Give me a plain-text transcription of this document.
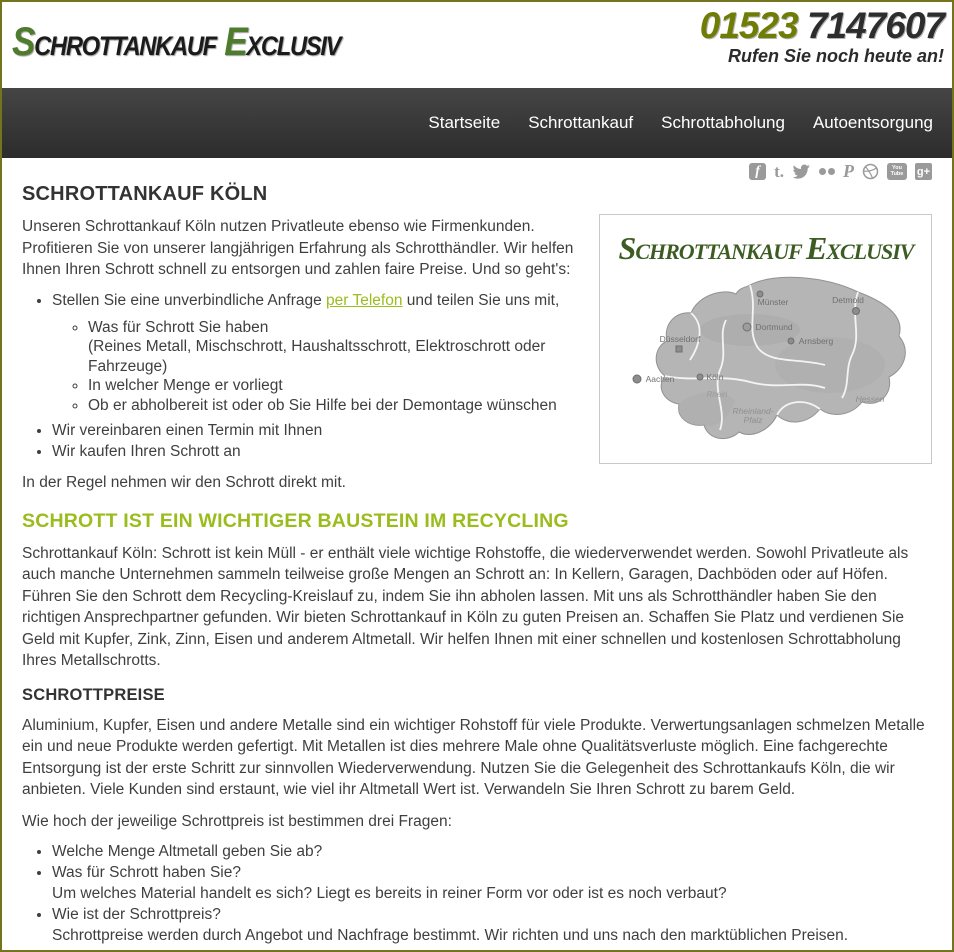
SCHROTTANKAUF EXCLUSIV	01523 7147607
Rufen Sie noch heute an!
Startseite Schrottankauf Schrottabholung Autoentsorgung
f t.	P	You
Tube g+
SCHROTTANKAUF KÖLN
SCHROTTANKAUF EXCLUSIV
Münster	Detmold
Dortmund
Arnsberg
Düsseldorf
Aachen	Köln
Rhein
Rheinland-
Pfalz
Hessen

Unseren Schrottankauf Köln nutzen Privatleute ebenso wie Firmenkunden. Profitieren Sie von unserer langjährigen Erfahrung als Schrotthändler. Wir helfen Ihnen Ihren Schrott schnell zu entsorgen und zahlen faire Preise. Und so geht's:

• Stellen Sie eine unverbindliche Anfrage per Telefon und teilen Sie uns mit,
◦ Was für Schrott Sie haben
(Reines Metall, Mischschrott, Haushaltsschrott, Elektroschrott oder Fahrzeuge)
◦ In welcher Menge er vorliegt
◦ Ob er abholbereit ist oder ob Sie Hilfe bei der Demontage wünschen
• Wir vereinbaren einen Termin mit Ihnen
• Wir kaufen Ihren Schrott an

In der Regel nehmen wir den Schrott direkt mit.

SCHROTT IST EIN WICHTIGER BAUSTEIN IM RECYCLING

Schrottankauf Köln: Schrott ist kein Müll - er enthält viele wichtige Rohstoffe, die wiederverwendet werden. Sowohl Privatleute als auch manche Unternehmen sammeln teilweise große Mengen an Schrott an: In Kellern, Garagen, Dachböden oder auf Höfen. Führen Sie den Schrott dem Recycling-Kreislauf zu, indem Sie ihn abholen lassen. Mit uns als Schrotthändler haben Sie den richtigen Ansprechpartner gefunden. Wir bieten Schrottankauf in Köln zu guten Preisen an. Schaffen Sie Platz und verdienen Sie Geld mit Kupfer, Zink, Zinn, Eisen und anderem Altmetall. Wir helfen Ihnen mit einer schnellen und kostenlosen Schrottabholung Ihres Metallschrotts.

SCHROTTPREISE

Aluminium, Kupfer, Eisen und andere Metalle sind ein wichtiger Rohstoff für viele Produkte. Verwertungsanlagen schmelzen Metalle ein und neue Produkte werden gefertigt. Mit Metallen ist dies mehrere Male ohne Qualitätsverluste möglich. Eine fachgerechte Entsorgung ist der erste Schritt zur sinnvollen Wiederverwendung. Nutzen Sie die Gelegenheit des Schrottankaufs Köln, die wir anbieten. Viele Kunden sind erstaunt, wie viel ihr Altmetall Wert ist. Verwandeln Sie Ihren Schrott zu barem Geld.

Wie hoch der jeweilige Schrottpreis ist bestimmen drei Fragen:

• Welche Menge Altmetall geben Sie ab?
• Was für Schrott haben Sie?
Um welches Material handelt es sich? Liegt es bereits in reiner Form vor oder ist es noch verbaut?
• Wie ist der Schrottpreis?
Schrottpreise werden durch Angebot und Nachfrage bestimmt. Wir richten und uns nach den marktüblichen Preisen.
